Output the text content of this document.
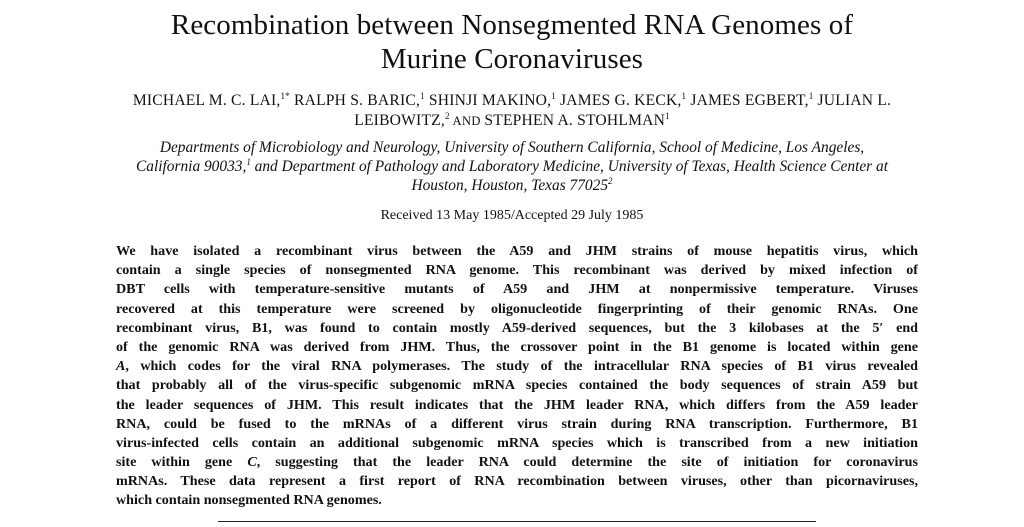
Recombination between Nonsegmented RNA Genomes of
Murine Coronaviruses
MICHAEL M. C. LAI,$^{1*}$ RALPH S. BARIC,$^1$ SHINJI MAKINO,$^1$ JAMES G. KECK,$^1$ JAMES EGBERT,$^1$ JULIAN L.
LEIBOWITZ,$^2$ AND STEPHEN A. STOHLMAN$^1$
Departments of Microbiology and Neurology, University of Southern California, School of Medicine, Los Angeles,
California 90033,$^1$ and Department of Pathology and Laboratory Medicine, University of Texas, Health Science Center at
Houston, Houston, Texas 77025$^2$
Received 13 May 1985/Accepted 29 July 1985
We have isolated a recombinant virus between the A59 and JHM strains of mouse hepatitis virus, which
contain a single species of nonsegmented RNA genome. This recombinant was derived by mixed infection of
DBT cells with temperature-sensitive mutants of A59 and JHM at nonpermissive temperature. Viruses
recovered at this temperature were screened by oligonucleotide fingerprinting of their genomic RNAs. One
recombinant virus, B1, was found to contain mostly A59-derived sequences, but the 3 kilobases at the 5′ end
of the genomic RNA was derived from JHM. Thus, the crossover point in the B1 genome is located within gene
A, which codes for the viral RNA polymerases. The study of the intracellular RNA species of B1 virus revealed
that probably all of the virus-specific subgenomic mRNA species contained the body sequences of strain A59 but
the leader sequences of JHM. This result indicates that the JHM leader RNA, which differs from the A59 leader
RNA, could be fused to the mRNAs of a different virus strain during RNA transcription. Furthermore, B1
virus-infected cells contain an additional subgenomic mRNA species which is transcribed from a new initiation
site within gene C, suggesting that the leader RNA could determine the site of initiation for coronavirus
mRNAs. These data represent a first report of RNA recombination between viruses, other than picornaviruses,
which contain nonsegmented RNA genomes.
